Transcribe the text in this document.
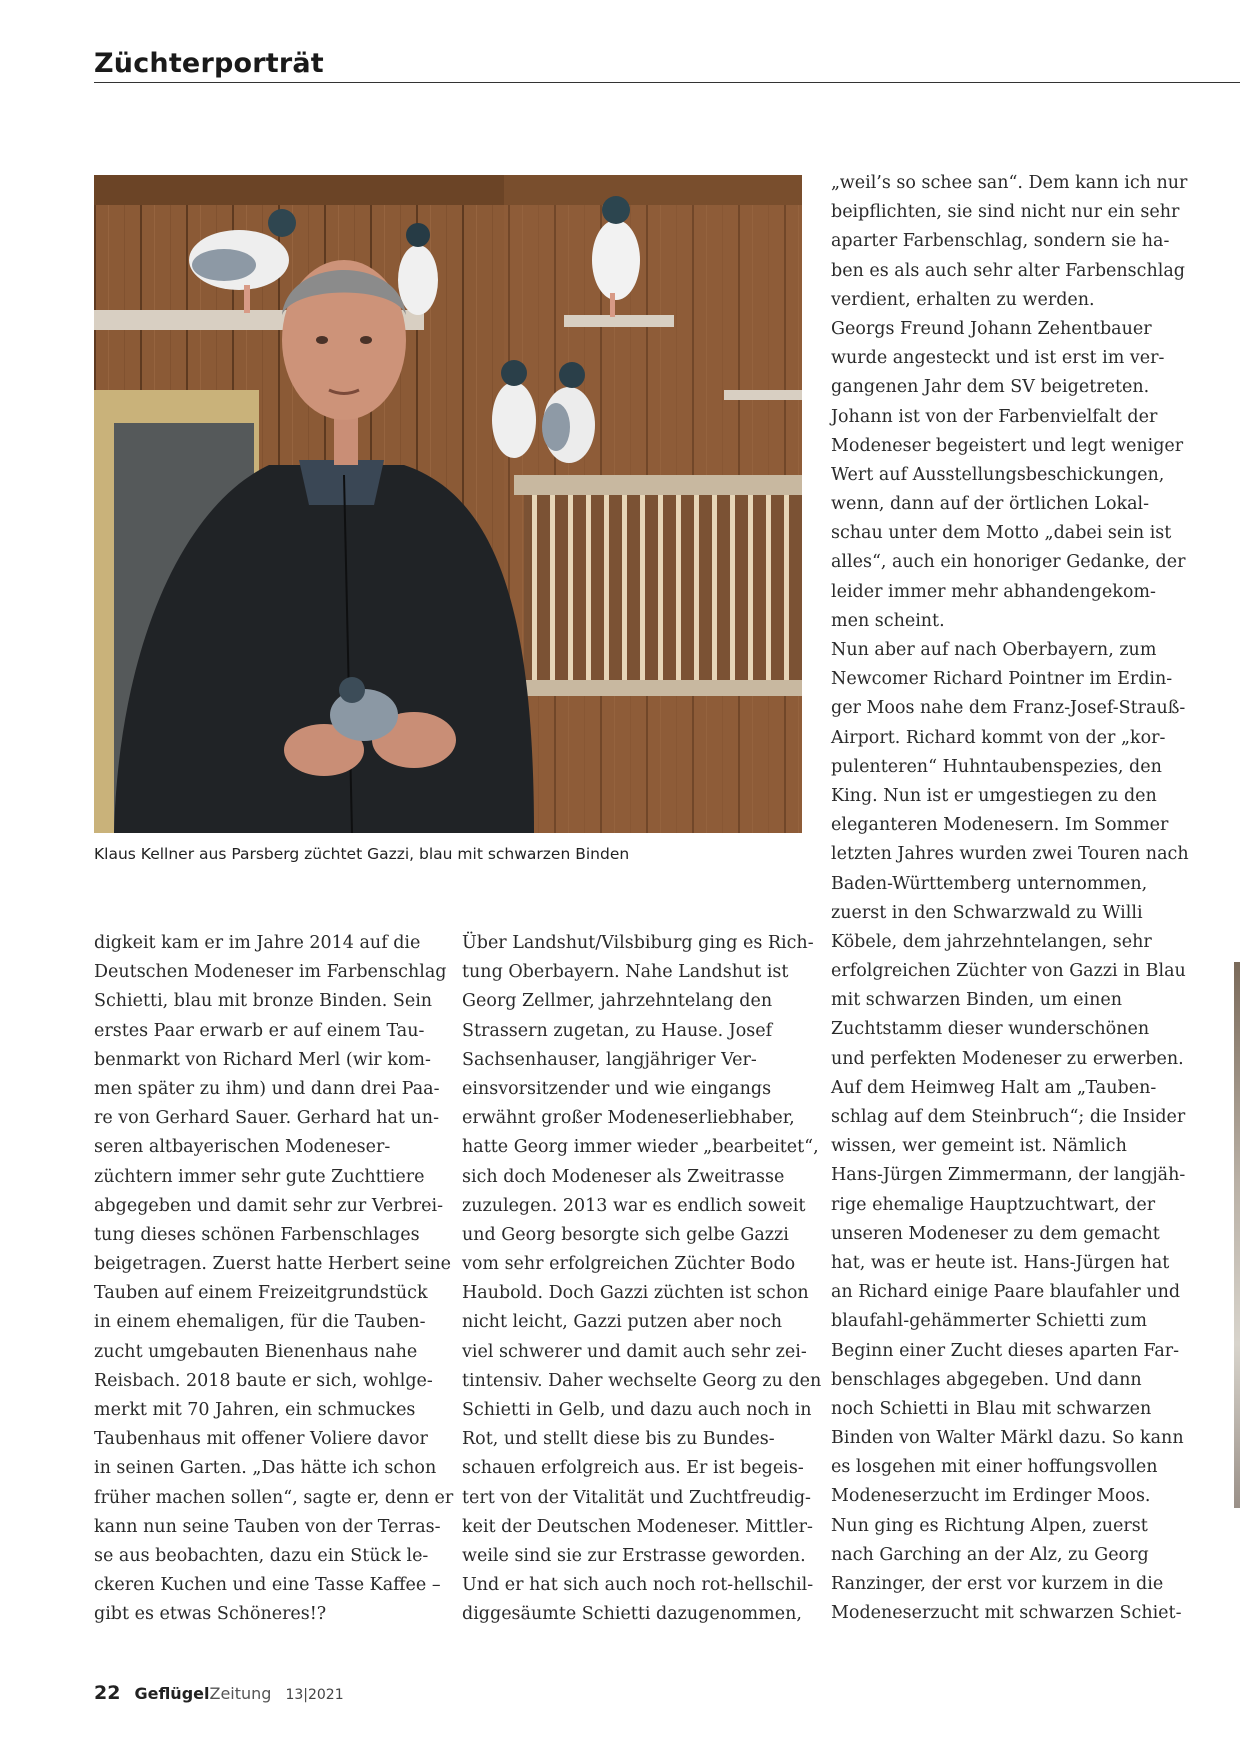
Züchterporträt
Klaus Kellner aus Parsberg züchtet Gazzi, blau mit schwarzen Binden
digkeit kam er im Jahre 2014 auf die
Deutschen Modeneser im Farbenschlag
Schietti, blau mit bronze Binden. Sein
erstes Paar erwarb er auf einem Tau-
benmarkt von Richard Merl (wir kom-
men später zu ihm) und dann drei Paa-
re von Gerhard Sauer. Gerhard hat un-
seren altbayerischen Modeneser-
züchtern immer sehr gute Zuchttiere
abgegeben und damit sehr zur Verbrei-
tung dieses schönen Farbenschlages
beigetragen. Zuerst hatte Herbert seine
Tauben auf einem Freizeitgrundstück
in einem ehemaligen, für die Tauben-
zucht umgebauten Bienenhaus nahe
Reisbach. 2018 baute er sich, wohlge-
merkt mit 70 Jahren, ein schmuckes
Taubenhaus mit offener Voliere davor
in seinen Garten. „Das hätte ich schon
früher machen sollen“, sagte er, denn er
kann nun seine Tauben von der Terras-
se aus beobachten, dazu ein Stück le-
ckeren Kuchen und eine Tasse Kaffee –
gibt es etwas Schöneres!?
Über Landshut/Vilsbiburg ging es Rich-
tung Oberbayern. Nahe Landshut ist
Georg Zellmer, jahrzehntelang den
Strassern zugetan, zu Hause. Josef
Sachsenhauser, langjähriger Ver-
einsvorsitzender und wie eingangs
erwähnt großer Modeneserliebhaber,
hatte Georg immer wieder „bearbeitet“,
sich doch Modeneser als Zweitrasse
zuzulegen. 2013 war es endlich soweit
und Georg besorgte sich gelbe Gazzi
vom sehr erfolgreichen Züchter Bodo
Haubold. Doch Gazzi züchten ist schon
nicht leicht, Gazzi putzen aber noch
viel schwerer und damit auch sehr zei-
tintensiv. Daher wechselte Georg zu den
Schietti in Gelb, und dazu auch noch in
Rot, und stellt diese bis zu Bundes-
schauen erfolgreich aus. Er ist begeis-
tert von der Vitalität und Zuchtfreudig-
keit der Deutschen Modeneser. Mittler-
weile sind sie zur Erstrasse geworden.
Und er hat sich auch noch rot-hellschil-
diggesäumte Schietti dazugenommen,
„weil’s so schee san“. Dem kann ich nur
beipflichten, sie sind nicht nur ein sehr
aparter Farbenschlag, sondern sie ha-
ben es als auch sehr alter Farbenschlag
verdient, erhalten zu werden.
Georgs Freund Johann Zehentbauer
wurde angesteckt und ist erst im ver-
gangenen Jahr dem SV beigetreten.
Johann ist von der Farbenvielfalt der
Modeneser begeistert und legt weniger
Wert auf Ausstellungsbeschickungen,
wenn, dann auf der örtlichen Lokal-
schau unter dem Motto „dabei sein ist
alles“, auch ein honoriger Gedanke, der
leider immer mehr abhandengekom-
men scheint.
Nun aber auf nach Oberbayern, zum
Newcomer Richard Pointner im Erdin-
ger Moos nahe dem Franz-Josef-Strauß-
Airport. Richard kommt von der „kor-
pulenteren“ Huhntaubenspezies, den
King. Nun ist er umgestiegen zu den
eleganteren Modenesern. Im Sommer
letzten Jahres wurden zwei Touren nach
Baden-Württemberg unternommen,
zuerst in den Schwarzwald zu Willi
Köbele, dem jahrzehntelangen, sehr
erfolgreichen Züchter von Gazzi in Blau
mit schwarzen Binden, um einen
Zuchtstamm dieser wunderschönen
und perfekten Modeneser zu erwerben.
Auf dem Heimweg Halt am „Tauben-
schlag auf dem Steinbruch“; die Insider
wissen, wer gemeint ist. Nämlich
Hans-Jürgen Zimmermann, der langjäh-
rige ehemalige Hauptzuchtwart, der
unseren Modeneser zu dem gemacht
hat, was er heute ist. Hans-Jürgen hat
an Richard einige Paare blaufahler und
blaufahl-gehämmerter Schietti zum
Beginn einer Zucht dieses aparten Far-
benschlages abgegeben. Und dann
noch Schietti in Blau mit schwarzen
Binden von Walter Märkl dazu. So kann
es losgehen mit einer hoffungsvollen
Modeneserzucht im Erdinger Moos.
Nun ging es Richtung Alpen, zuerst
nach Garching an der Alz, zu Georg
Ranzinger, der erst vor kurzem in die
Modeneserzucht mit schwarzen Schiet-
22 Geflügel Zeitung 13|2021
